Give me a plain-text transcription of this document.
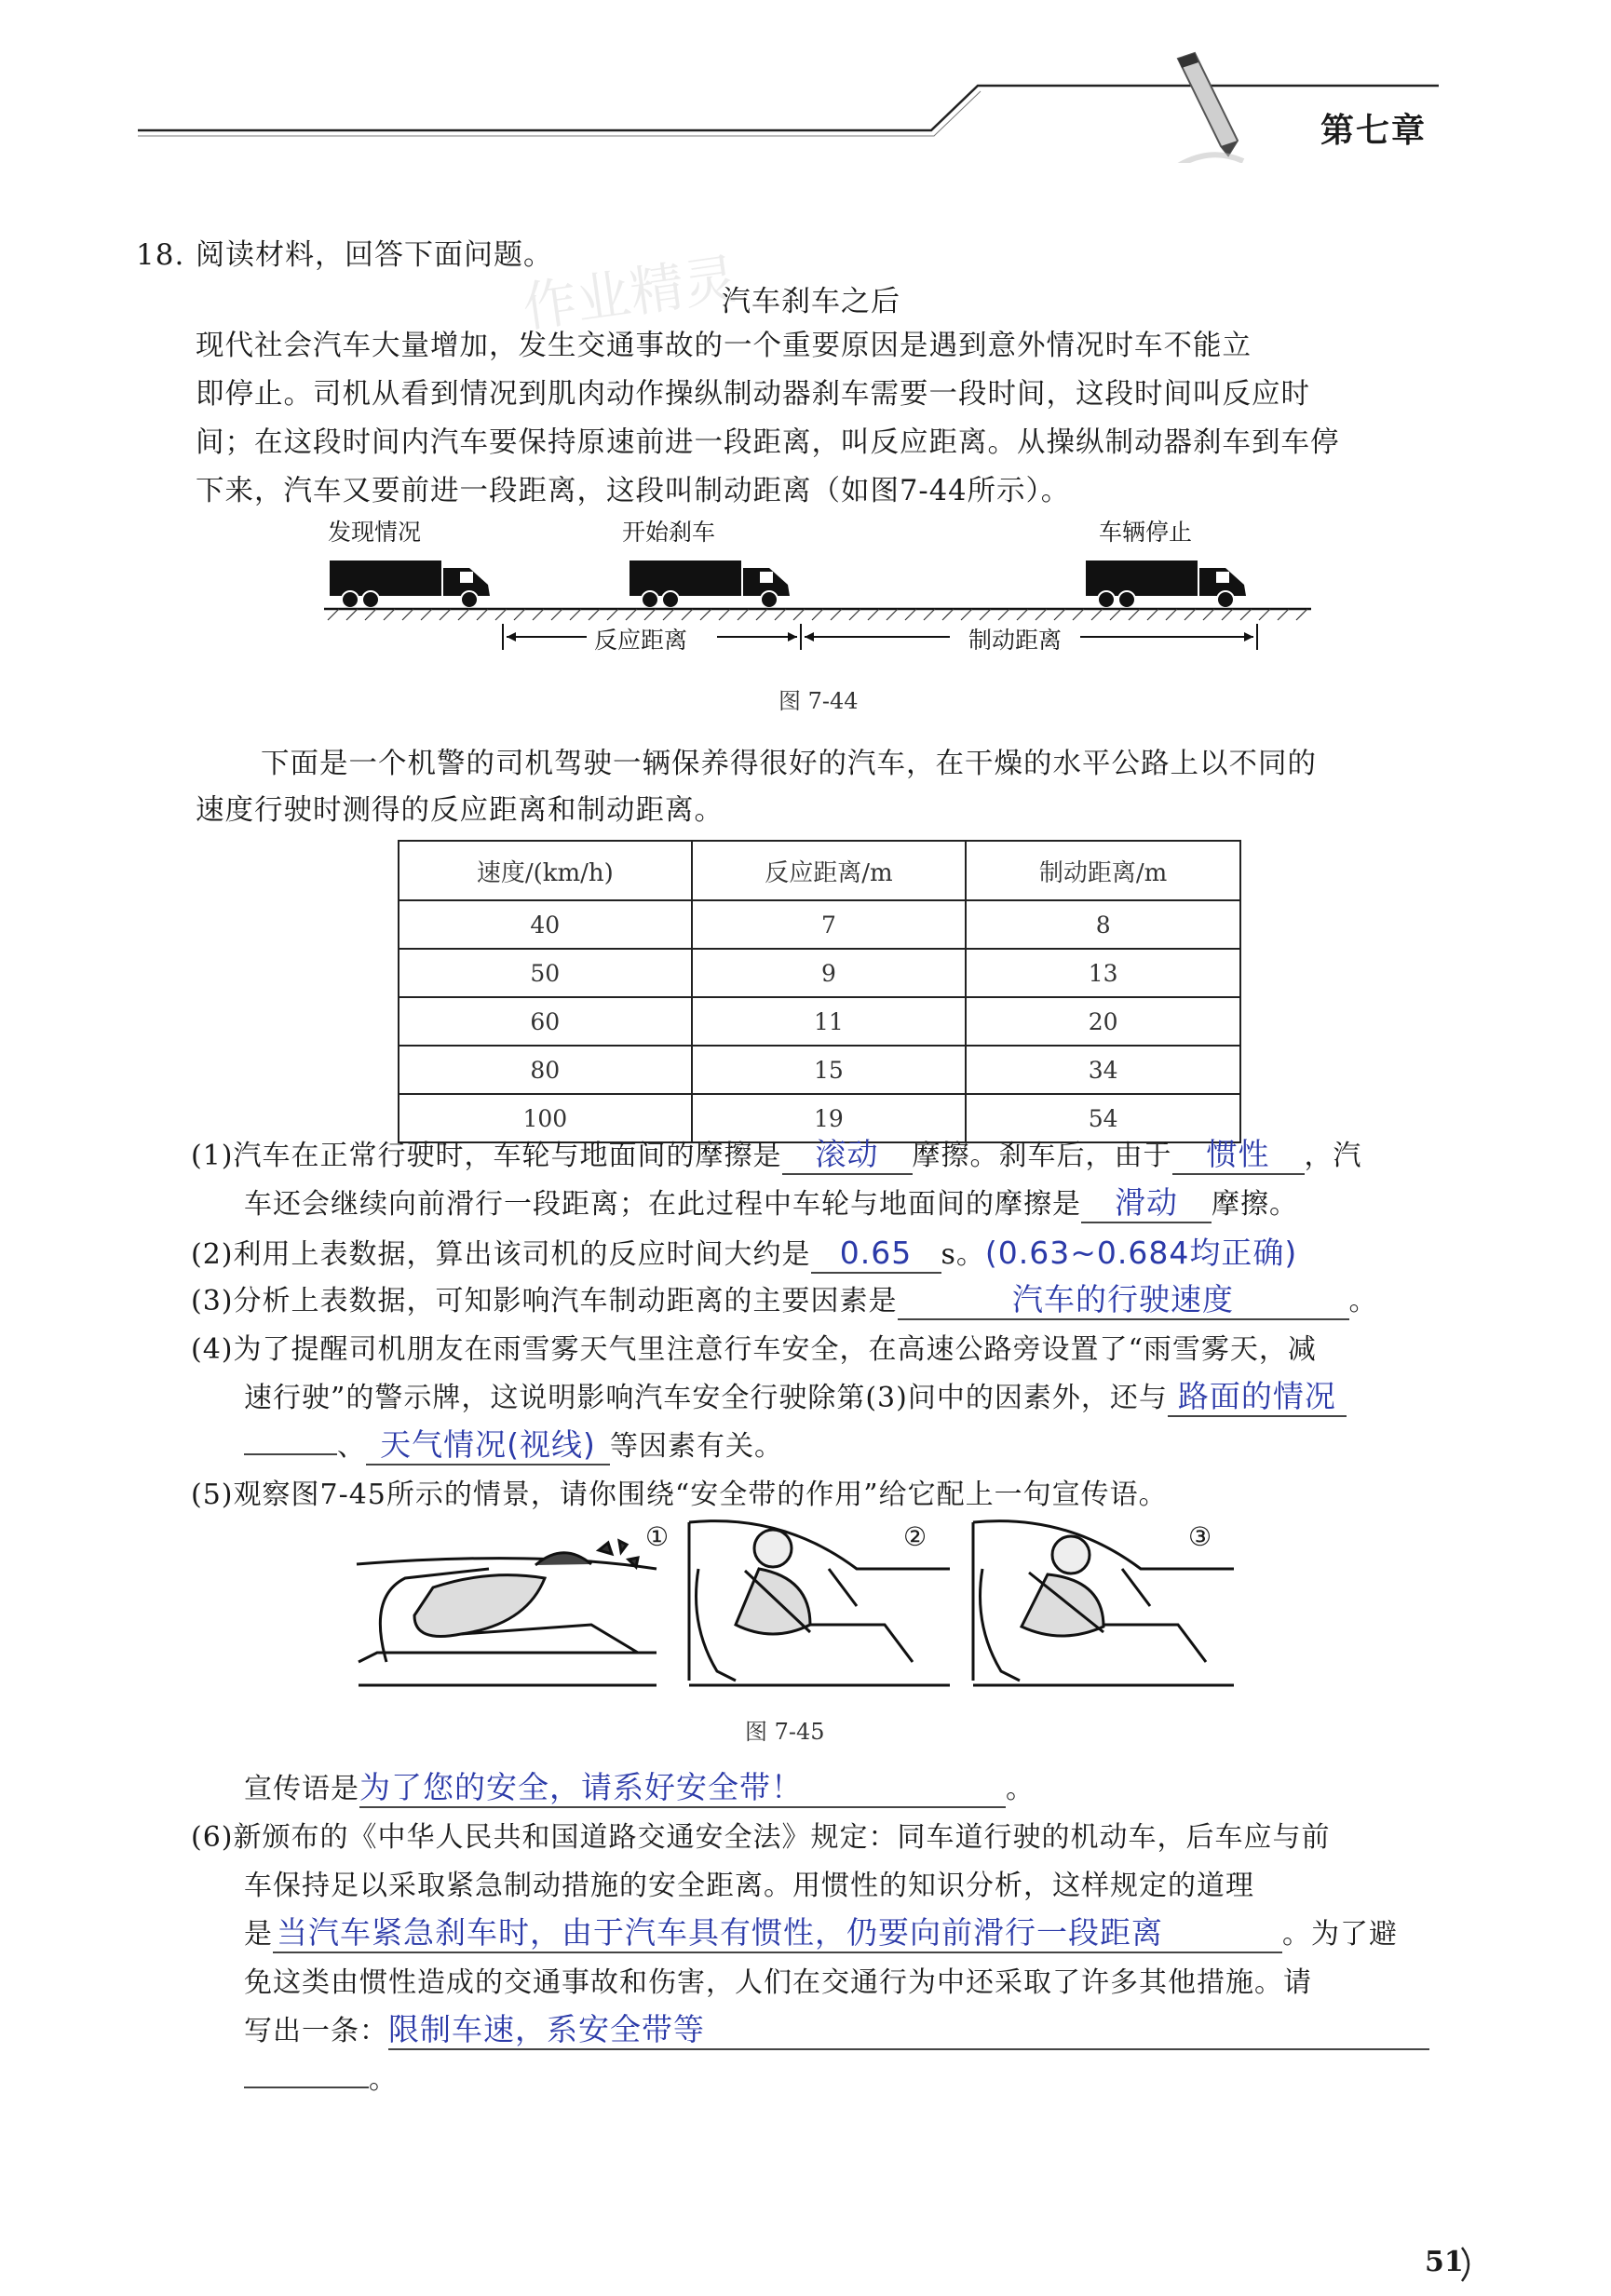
第七章
作业精灵
18. 阅读材料，回答下面问题。
汽车刹车之后
现代社会汽车大量增加，发生交通事故的一个重要原因是遇到意外情况时车不能立
即停止。司机从看到情况到肌肉动作操纵制动器刹车需要一段时间，这段时间叫反应时
间；在这段时间内汽车要保持原速前进一段距离，叫反应距离。从操纵制动器刹车到车停
下来，汽车又要前进一段距离，这段叫制动距离（如图7-44所示）。
发现情况	开始刹车	车辆停止
反应距离	制动距离
图 7-44
下面是一个机警的司机驾驶一辆保养得很好的汽车，在干燥的水平公路上以不同的
速度行驶时测得的反应距离和制动距离。
速度/(km/h)	反应距离/m	制动距离/m
40	7	8
50	9	13
60	11	20
80	15	34
100	19	54
(1)汽车在正常行驶时，车轮与地面间的摩擦是 滚动 摩擦。刹车后，由于 惯性 ，汽
车还会继续向前滑行一段距离；在此过程中车轮与地面间的摩擦是 滑动 摩擦。
(2)利用上表数据，算出该司机的反应时间大约是 0.65 s。(0.63~0.684均正确)
(3)分析上表数据，可知影响汽车制动距离的主要因素是	汽车的行驶速度	。
(4)为了提醒司机朋友在雨雪雾天气里注意行车安全，在高速公路旁设置了“雨雪雾天，减
速行驶”的警示牌，这说明影响汽车安全行驶除第(3)问中的因素外，还与 路面的情况
、 天气情况(视线) 等因素有关。
(5)观察图7-45所示的情景，请你围绕“安全带的作用”给它配上一句宣传语。
①	②	③
图 7-45
宣传语是为了您的安全，请系好安全带！	。
(6)新颁布的《中华人民共和国道路交通安全法》规定：同车道行驶的机动车，后车应与前
车保持足以采取紧急制动措施的安全距离。用惯性的知识分析，这样规定的道理
是 当汽车紧急刹车时，由于汽车具有惯性，仍要向前滑行一段距离	。为了避
免这类由惯性造成的交通事故和伤害，人们在交通行为中还采取了许多其他措施。请
写出一条：限制车速，系安全带等
。
51
